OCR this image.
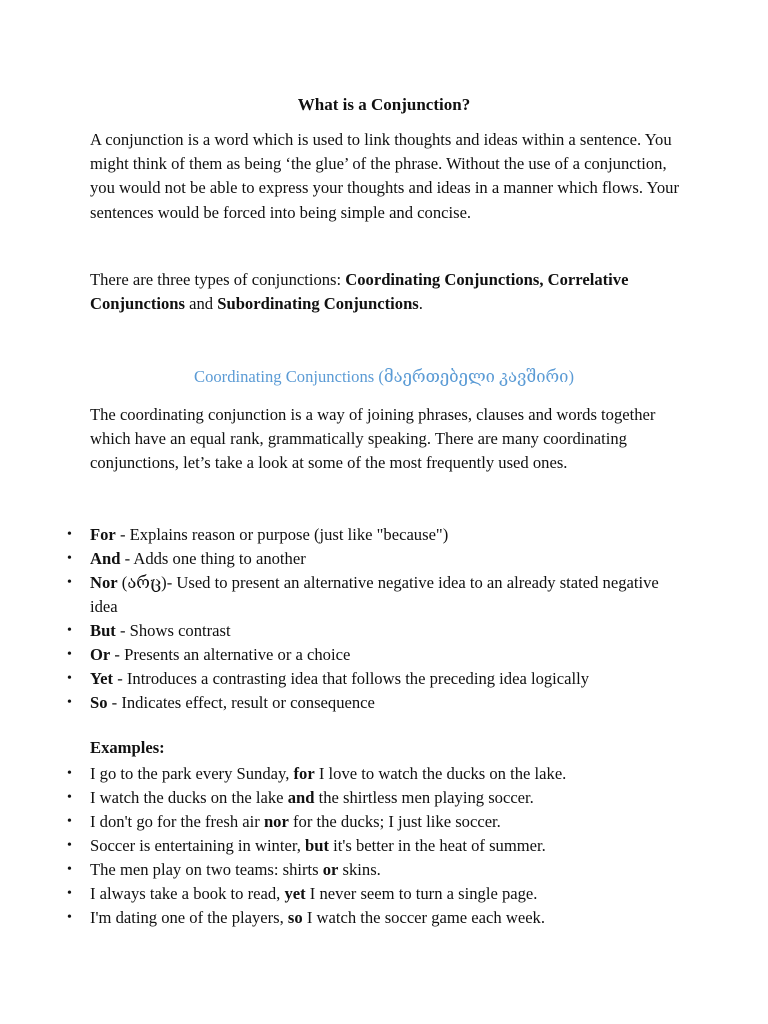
What is a Conjunction?

A conjunction is a word which is used to link thoughts and ideas within a sentence. You might think of them as being ‘the glue’ of the phrase. Without the use of a conjunction, you would not be able to express your thoughts and ideas in a manner which flows. Your sentences would be forced into being simple and concise.

There are three types of conjunctions: Coordinating Conjunctions, Correlative Conjunctions and Subordinating Conjunctions.

Coordinating Conjunctions (მაერთებელი კავშირი)

The coordinating conjunction is a way of joining phrases, clauses and words together which have an equal rank, grammatically speaking. There are many coordinating conjunctions, let’s take a look at some of the most frequently used ones.

• For - Explains reason or purpose (just like "because")
• And - Adds one thing to another
• Nor (არც)- Used to present an alternative negative idea to an already stated negative idea
• But - Shows contrast
• Or - Presents an alternative or a choice
• Yet - Introduces a contrasting idea that follows the preceding idea logically
• So - Indicates effect, result or consequence
Examples:
• I go to the park every Sunday, for I love to watch the ducks on the lake.
• I watch the ducks on the lake and the shirtless men playing soccer.
• I don't go for the fresh air nor for the ducks; I just like soccer.
• Soccer is entertaining in winter, but it's better in the heat of summer.
• The men play on two teams: shirts or skins.
• I always take a book to read, yet I never seem to turn a single page.
• I'm dating one of the players, so I watch the soccer game each week.
